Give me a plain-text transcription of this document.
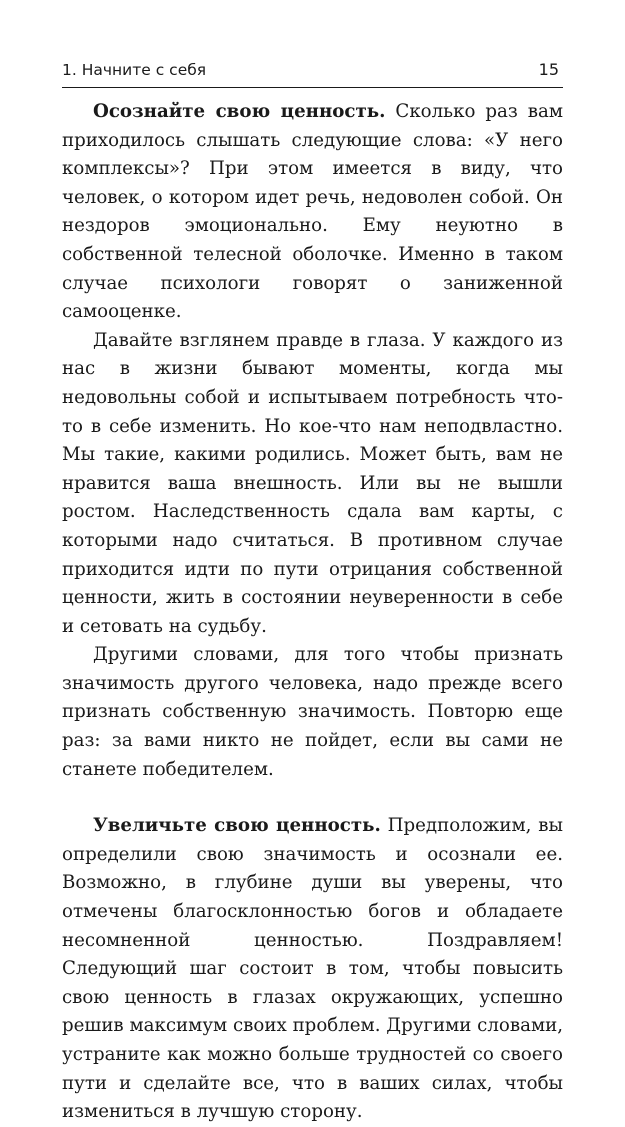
1. Начните с себя	15

Осознайте свою ценность. Сколько раз вам приходилось слышать следующие слова: «У него комплексы»? При этом имеется в виду, что человек, о котором идет речь, недоволен собой. Он нездоров эмоционально. Ему неуютно в собственной телесной оболочке. Именно в таком случае психологи говорят о заниженной самооценке.

Давайте взглянем правде в глаза. У каждого из нас в жизни бывают моменты, когда мы недовольны собой и испытываем потребность что-то в себе изменить. Но кое-что нам неподвластно. Мы такие, какими родились. Может быть, вам не нравится ваша внешность. Или вы не вышли ростом. Наследственность сдала вам карты, с которыми надо считаться. В противном случае приходится идти по пути отрицания собственной ценности, жить в состоянии неуверенности в себе и сетовать на судьбу.

Другими словами, для того чтобы признать значимость другого человека, надо прежде всего признать собственную значимость. Повторю еще раз: за вами никто не пойдет, если вы сами не станете победителем.

Увеличьте свою ценность. Предположим, вы определили свою значимость и осознали ее. Возможно, в глубине души вы уверены, что отмечены благосклонностью богов и обладаете несомненной ценностью. Поздравляем! Следующий шаг состоит в том, чтобы повысить свою ценность в глазах окружающих, успешно решив максимум своих проблем. Другими словами, устраните как можно больше трудностей со своего пути и сделайте все, что в ваших силах, чтобы измениться в лучшую сторону.
